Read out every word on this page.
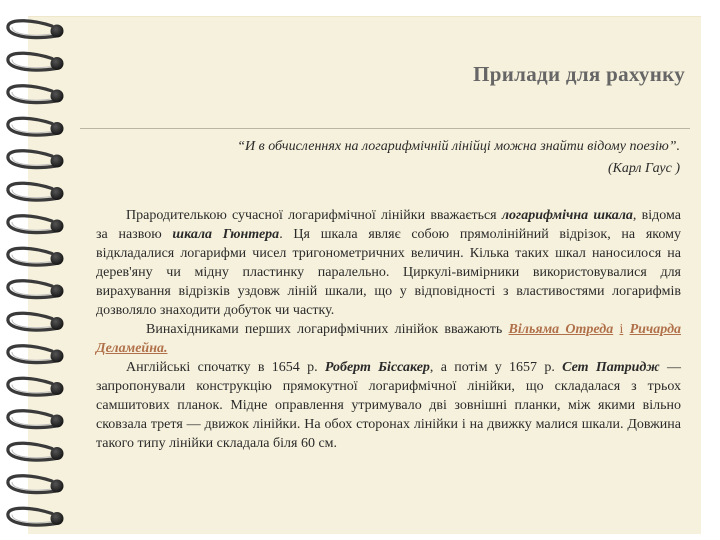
Прилади для рахунку
“И в обчисленнях на логарифмічній лінійці можна знайти відому поезію”.
(Карл Гаус )

Прародителькою сучасної логарифмічної лінійки вважається логарифмічна шкала, відома за назвою шкала Гюнтера. Ця шкала являє собою прямолінійний відрізок, на якому відкладалися логарифми чисел тригонометричних величин. Кілька таких шкал наносилося на дерев'яну чи мідну пластинку паралельно. Циркулі-вимірники використовувалися для вирахування відрізків уздовж ліній шкали, що у відповідності з властивостями логарифмів дозволяло знаходити добуток чи частку.

Винахідниками перших логарифмічних лінійок вважають Вільяма Отреда і Ричарда Деламейна.

Англійські спочатку в 1654 р. Роберт Біссакер, а потім у 1657 р. Сет Патридж — запропонували конструкцію прямокутної логарифмічної лінійки, що складалася з трьох самшитових планок. Мідне оправлення утримувало дві зовнішні планки, між якими вільно сковзала третя — движок лінійки. На обох сторонах лінійки і на движку малися шкали. Довжина такого типу лінійки складала біля 60 см.
